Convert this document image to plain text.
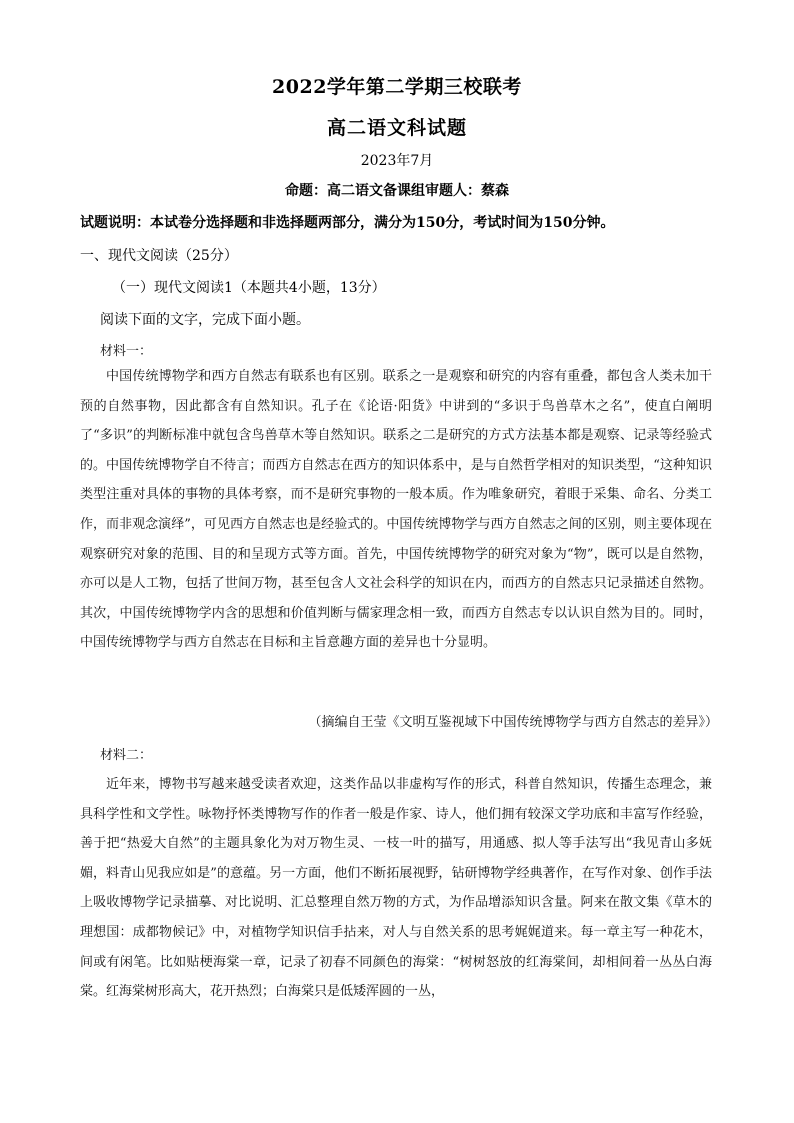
2022学年第二学期三校联考
高二语文科试题
2023年7月
命题：高二语文备课组审题人：蔡森
试题说明：本试卷分选择题和非选择题两部分，满分为150分，考试时间为150分钟。
一、现代文阅读（25分）
（一）现代文阅读1（本题共4小题，13分）
阅读下面的文字，完成下面小题。
材料一：
中国传统博物学和西方自然志有联系也有区别。联系之一是观察和研究的内容有重叠，都包含人类未加干预的自然事物，因此都含有自然知识。孔子在《论语·阳货》中讲到的“多识于鸟兽草木之名”，使直白阐明了“多识”的判断标准中就包含鸟兽草木等自然知识。联系之二是研究的方式方法基本都是观察、记录等经验式的。中国传统博物学自不待言；而西方自然志在西方的知识体系中，是与自然哲学相对的知识类型，“这种知识类型注重对具体的事物的具体考察，而不是研究事物的一般本质。作为唯象研究，着眼于采集、命名、分类工作，而非观念演绎”，可见西方自然志也是经验式的。中国传统博物学与西方自然志之间的区别，则主要体现在观察研究对象的范围、目的和呈现方式等方面。首先，中国传统博物学的研究对象为“物”，既可以是自然物，亦可以是人工物，包括了世间万物，甚至包含人文社会科学的知识在内，而西方的自然志只记录描述自然物。其次，中国传统博物学内含的思想和价值判断与儒家理念相一致，而西方自然志专以认识自然为目的。同时，中国传统博物学与西方自然志在目标和主旨意趣方面的差异也十分显明。
（摘编自王莹《文明互鉴视域下中国传统博物学与西方自然志的差异》）
材料二：
近年来，博物书写越来越受读者欢迎，这类作品以非虚构写作的形式，科普自然知识，传播生态理念，兼具科学性和文学性。咏物抒怀类博物写作的作者一般是作家、诗人，他们拥有较深文学功底和丰富写作经验，善于把“热爱大自然”的主题具象化为对万物生灵、一枝一叶的描写，用通感、拟人等手法写出“我见青山多妩媚，料青山见我应如是”的意蕴。另一方面，他们不断拓展视野，钻研博物学经典著作，在写作对象、创作手法上吸收博物学记录描摹、对比说明、汇总整理自然万物的方式，为作品增添知识含量。阿来在散文集《草木的理想国：成都物候记》中，对植物学知识信手拈来，对人与自然关系的思考娓娓道来。每一章主写一种花木，间或有闲笔。比如贴梗海棠一章，记录了初春不同颜色的海棠：“树树怒放的红海棠间，却相间着一丛丛白海棠。红海棠树形高大，花开热烈；白海棠只是低矮浑圆的一丛，
